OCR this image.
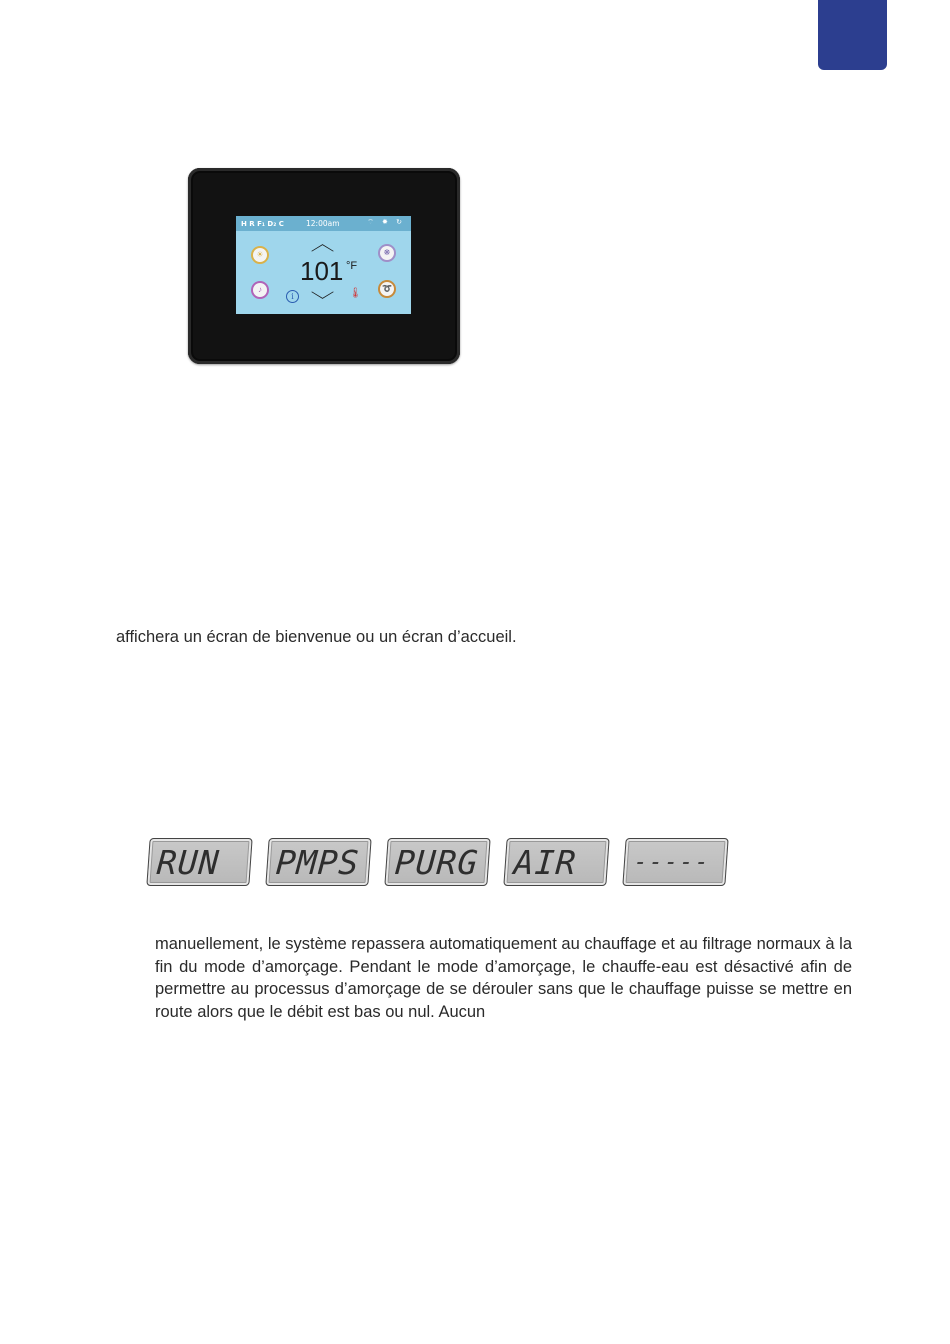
H R F₁ D₂ C	12:00am	⌔ ✸ ↻
☀	❋
♪	➰
︿
101 °F
﹀
i	🌡

affichera un écran de bienvenue ou un écran d’accueil.

RUN	PMPS PURG AIR	-----

manuellement, le système repassera automatiquement au chauffage et au filtrage normaux à la fin du mode d’amorçage. Pendant le mode d’amorçage, le chauffe-eau est désactivé afin de permettre au processus d’amorçage de se dérouler sans que le chauffage puisse se mettre en route alors que le débit est bas ou nul. Aucun
